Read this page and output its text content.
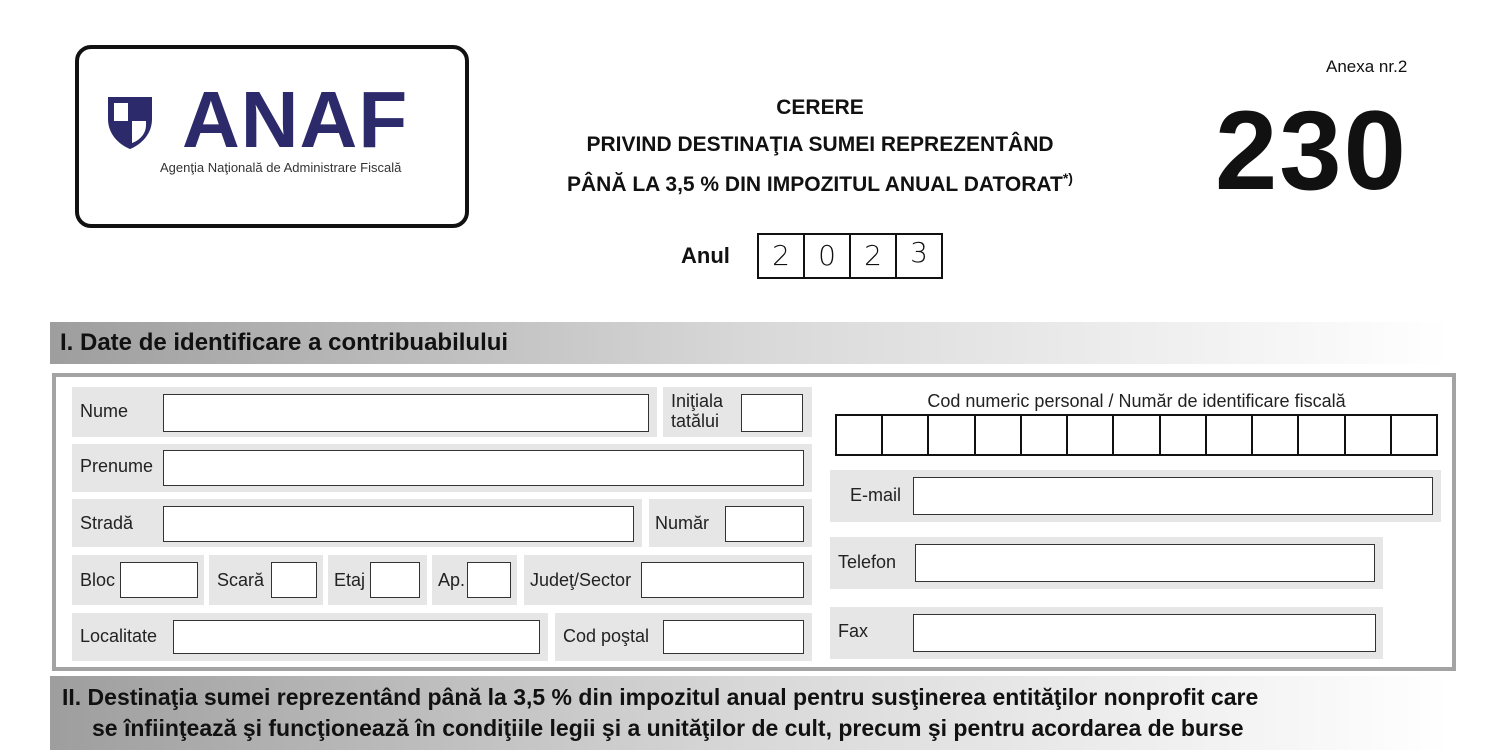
ANAF
Agenţia Naţională de Administrare Fiscală
CERERE
PRIVIND DESTINAŢIA SUMEI REPREZENTÂND
PÂNĂ LA 3,5 % DIN IMPOZITUL ANUAL DATORAT*)
Anexa nr.2
230
Anul	2	0	2	3
I. Date de identificare a contribuabilului
Nume	Iniţiala
tatălui
Prenume
Stradă	Număr
Bloc	Scară	Etaj	Ap.	Judeţ/Sector
Localitate	Cod poştal
Cod numeric personal / Număr de identificare fiscală
E-mail
Telefon
Fax
II. Destinaţia sumei reprezentând până la 3,5 % din impozitul anual pentru susţinerea entităţilor nonprofit care
se înfiinţează şi funcţionează în condiţiile legii şi a unităţilor de cult, precum şi pentru acordarea de burse
